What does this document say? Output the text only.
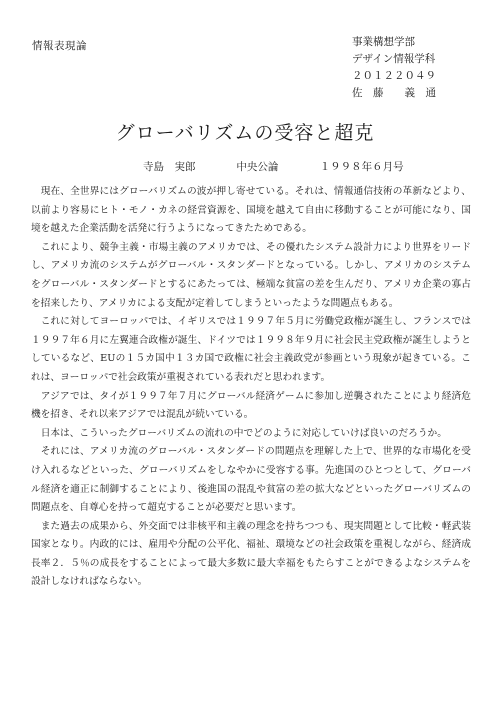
情報表現論	事業構想学部
デザイン情報学科
２０１２２０４９
佐　藤　　義　通
グローバリズムの受容と超克
寺島　実郎	中央公論	１９９８年６月号

現在、全世界にはグローバリズムの波が押し寄せている。それは、情報通信技術の革新などより、以前より容易にヒト・モノ・カネの経営資源を、国境を越えて自由に移動することが可能になり、国境を越えた企業活動を活発に行うようになってきたためである。

これにより、競争主義・市場主義のアメリカでは、その優れたシステム設計力により世界をリードし、アメリカ流のシステムがグローバル・スタンダードとなっている。しかし、アメリカのシステムをグローバル・スタンダードとするにあたっては、極端な貧富の差を生んだり、アメリカ企業の寡占を招来したり、アメリカによる支配が定着してしまうといったような問題点もある。

これに対してヨーロッパでは、イギリスでは１９９７年５月に労働党政権が誕生し、フランスでは１９９７年６月に左翼連合政権が誕生、ドイツでは１９９８年９月に社会民主党政権が誕生しようとしているなど、EUの１５カ国中１３カ国で政権に社会主義政党が参画という現象が起きている。これは、ヨーロッパで社会政策が重視されている表れだと思われます。

アジアでは、タイが１９９７年７月にグローバル経済ゲームに参加し逆襲されたことにより経済危機を招き、それ以来アジアでは混乱が続いている。

日本は、こういったグローバリズムの流れの中でどのように対応していけば良いのだろうか。

それには、アメリカ流のグローバル・スタンダードの問題点を理解した上で、世界的な市場化を受け入れるなどといった、グローバリズムをしなやかに受容する事。先進国のひとつとして、グローバル経済を適正に制御することにより、後進国の混乱や貧富の差の拡大などといったグローバリズムの問題点を、自尊心を持って超克することが必要だと思います。

また過去の成果から、外交面では非核平和主義の理念を持ちつつも、現実問題として比較・軽武装国家となり。内政的には、雇用や分配の公平化、福祉、環境などの社会政策を重視しながら、経済成長率２．５％の成長をすることによって最大多数に最大幸福をもたらすことができるよなシステムを設計しなければならない。
